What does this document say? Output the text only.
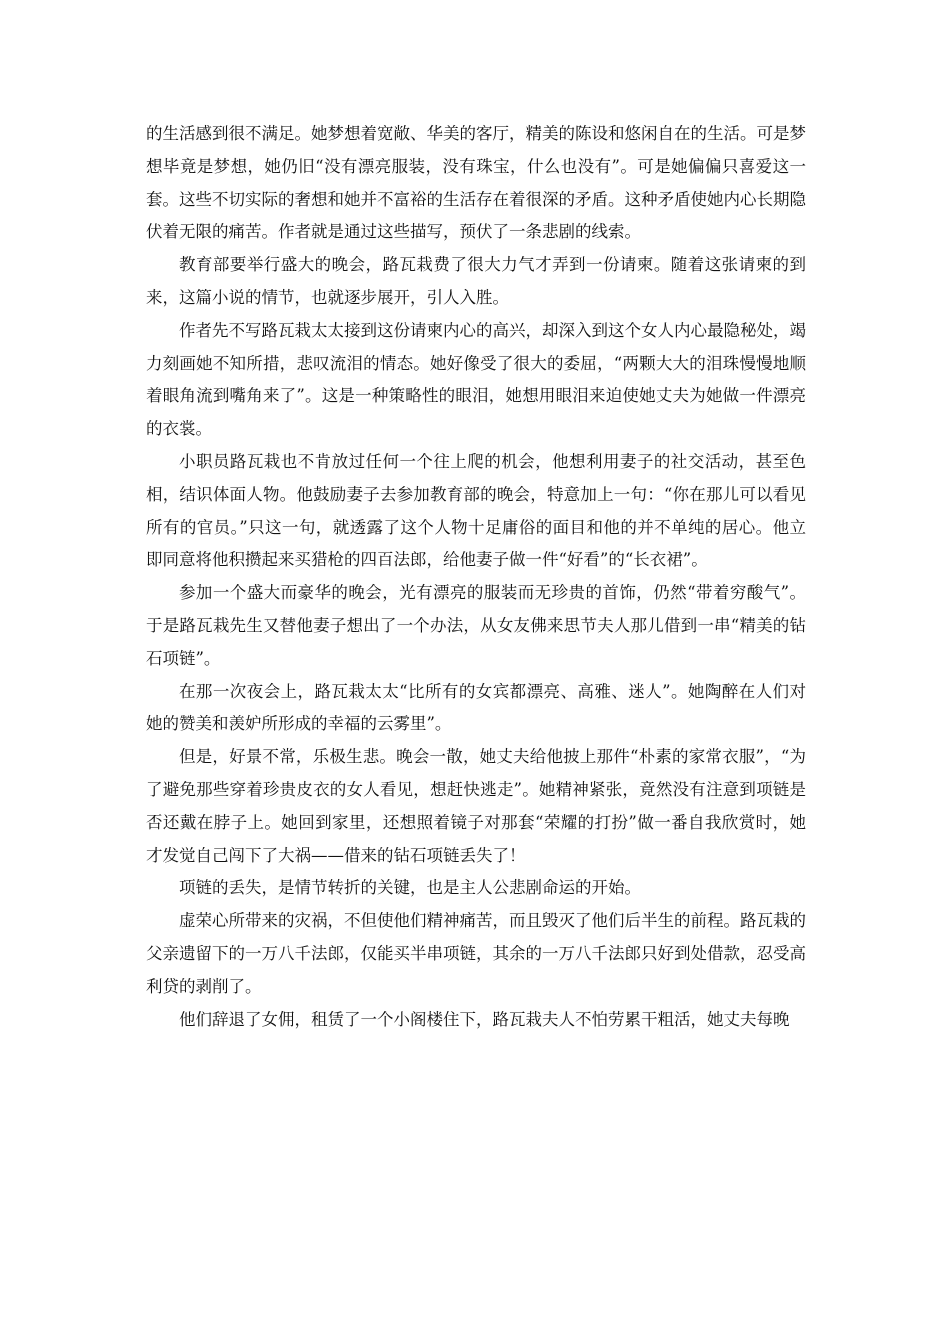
的生活感到很不满足。她梦想着宽敞、华美的客厅，精美的陈设和悠闲自在的生活。可是梦想毕竟是梦想，她仍旧“没有漂亮服装，没有珠宝，什么也没有”。可是她偏偏只喜爱这一套。这些不切实际的奢想和她并不富裕的生活存在着很深的矛盾。这种矛盾使她内心长期隐伏着无限的痛苦。作者就是通过这些描写，预伏了一条悲剧的线索。

教育部要举行盛大的晚会，路瓦栽费了很大力气才弄到一份请柬。随着这张请柬的到来，这篇小说的情节，也就逐步展开，引人入胜。

作者先不写路瓦栽太太接到这份请柬内心的高兴，却深入到这个女人内心最隐秘处，竭力刻画她不知所措，悲叹流泪的情态。她好像受了很大的委屈，“两颗大大的泪珠慢慢地顺着眼角流到嘴角来了”。这是一种策略性的眼泪，她想用眼泪来迫使她丈夫为她做一件漂亮的衣裳。

小职员路瓦栽也不肯放过任何一个往上爬的机会，他想利用妻子的社交活动，甚至色相，结识体面人物。他鼓励妻子去参加教育部的晚会，特意加上一句：“你在那儿可以看见所有的官员。”只这一句，就透露了这个人物十足庸俗的面目和他的并不单纯的居心。他立即同意将他积攒起来买猎枪的四百法郎，给他妻子做一件“好看”的“长衣裙”。

参加一个盛大而豪华的晚会，光有漂亮的服装而无珍贵的首饰，仍然“带着穷酸气”。于是路瓦栽先生又替他妻子想出了一个办法，从女友佛来思节夫人那儿借到一串“精美的钻石项链”。

在那一次夜会上，路瓦栽太太“比所有的女宾都漂亮、高雅、迷人”。她陶醉在人们对她的赞美和羡妒所形成的幸福的云雾里”。

但是，好景不常，乐极生悲。晚会一散，她丈夫给他披上那件“朴素的家常衣服”，“为了避免那些穿着珍贵皮衣的女人看见，想赶快逃走”。她精神紧张，竟然没有注意到项链是否还戴在脖子上。她回到家里，还想照着镜子对那套“荣耀的打扮”做一番自我欣赏时，她才发觉自己闯下了大祸——借来的钻石项链丢失了！

项链的丢失，是情节转折的关键，也是主人公悲剧命运的开始。

虚荣心所带来的灾祸，不但使他们精神痛苦，而且毁灭了他们后半生的前程。路瓦栽的父亲遗留下的一万八千法郎，仅能买半串项链，其余的一万八千法郎只好到处借款，忍受高利贷的剥削了。

他们辞退了女佣，租赁了一个小阁楼住下，路瓦栽夫人不怕劳累干粗活，她丈夫每晚
